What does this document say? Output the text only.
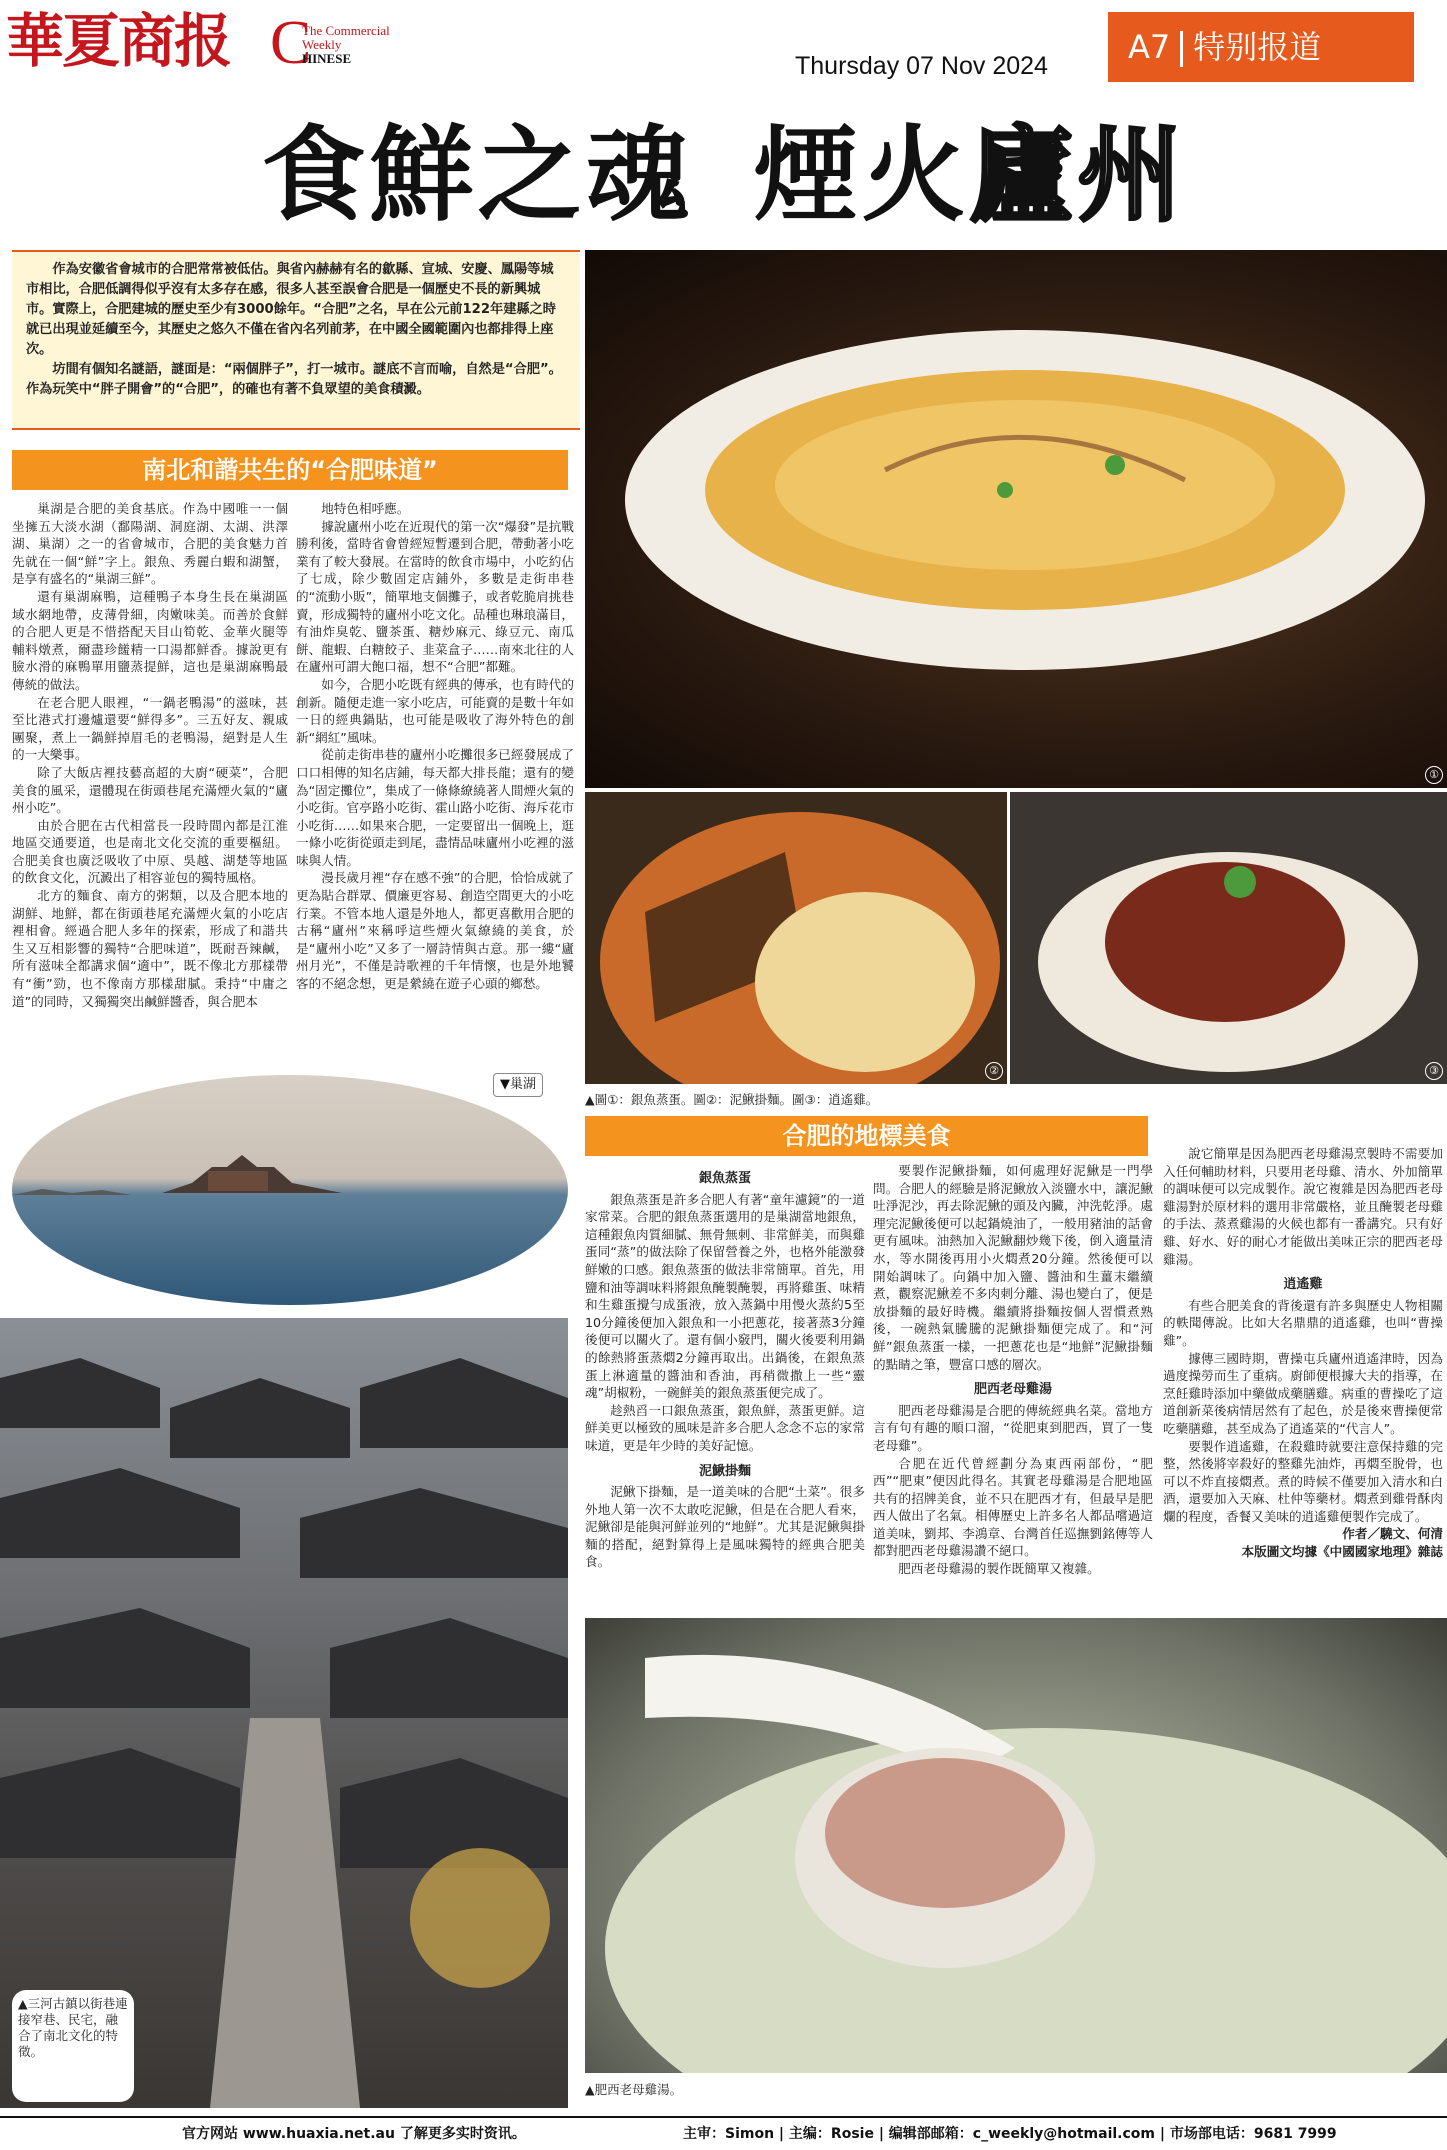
華夏商报 C
The Commercial
Weekly
HINESE	Thursday 07 Nov 2024	A7 特别报道
食鮮之魂 煙火廬州

作為安徽省會城市的合肥常常被低估。與省內赫赫有名的歙縣、宣城、安慶、鳳陽等城市相比，合肥低調得似乎沒有太多存在感，很多人甚至誤會合肥是一個歷史不長的新興城市。實際上，合肥建城的歷史至少有3000餘年。“合肥”之名，早在公元前122年建縣之時就已出現並延續至今，其歷史之悠久不僅在省內名列前茅，在中國全國範圍內也都排得上座次。

坊間有個知名謎語，謎面是：“兩個胖子”，打一城市。謎底不言而喻，自然是“合肥”。作為玩笑中“胖子開會”的“合肥”，的確也有著不負眾望的美食積澱。

南北和諧共生的“合肥味道”

巢湖是合肥的美食基底。作為中國唯一一個坐擁五大淡水湖（鄱陽湖、洞庭湖、太湖、洪澤湖、巢湖）之一的省會城市，合肥的美食魅力首先就在一個“鮮”字上。銀魚、秀麗白蝦和湖蟹，是享有盛名的“巢湖三鮮”。

還有巢湖麻鴨，這種鴨子本身生長在巢湖區域水網地帶，皮薄骨細，肉嫩味美。而善於食鮮的合肥人更是不惜搭配天目山筍乾、金華火腿等輔料燉煮，爾盡珍饈精一口湯都鮮香。據說更有臉水滑的麻鴨單用鹽蒸提鮮，這也是巢湖麻鴨最傳統的做法。

在老合肥人眼裡，“一鍋老鴨湯”的滋味，甚至比港式打邊爐還要“鮮得多”。三五好友、親戚團聚，煮上一鍋鮮掉眉毛的老鴨湯，絕對是人生的一大樂事。

除了大飯店裡技藝高超的大廚“硬菜”，合肥美食的風采，還體現在街頭巷尾充滿煙火氣的“廬州小吃”。

由於合肥在古代相當長一段時間內都是江淮地區交通要道，也是南北文化交流的重要樞紐。合肥美食也廣泛吸收了中原、吳越、湖楚等地區的飲食文化，沉澱出了相容並包的獨特風格。

北方的麵食、南方的粥類，以及合肥本地的湖鮮、地鮮，都在街頭巷尾充滿煙火氣的小吃店裡相會。經過合肥人多年的探索，形成了和諧共生又互相影響的獨特“合肥味道”，既耐吾辣鹹，所有滋味全都講求個“適中”，既不像北方那樣帶有“衝”勁，也不像南方那樣甜膩。秉持“中庸之道”的同時，又獨獨突出鹹鮮醬香，與合肥本

地特色相呼應。

據說廬州小吃在近現代的第一次“爆發”是抗戰勝利後，當時省會曾經短暫遷到合肥，帶動著小吃業有了較大發展。在當時的飲食市場中，小吃約佔了七成，除少數固定店鋪外，多數是走街串巷的“流動小販”，簡單地支個攤子，或者乾脆肩挑巷賣，形成獨特的廬州小吃文化。品種也琳琅滿目，有油炸臭乾、鹽茶蛋、糖炒麻元、綠豆元、南瓜餅、龍蝦、白糖餃子、韭菜盒子……南來北往的人在廬州可謂大飽口福，想不“合肥”都難。

如今，合肥小吃既有經典的傳承，也有時代的創新。隨便走進一家小吃店，可能賣的是數十年如一日的經典鍋貼，也可能是吸收了海外特色的創新“網紅”風味。

從前走街串巷的廬州小吃攤很多已經發展成了口口相傳的知名店鋪，每天都大排長龍；還有的變為“固定攤位”，集成了一條條繚繞著人間煙火氣的小吃街。官亭路小吃街、霍山路小吃街、海斥花市小吃街……如果來合肥，一定要留出一個晚上，逛一條小吃街從頭走到尾，盡情品味廬州小吃裡的滋味與人情。

漫長歲月裡“存在感不強”的合肥，恰恰成就了更為貼合群眾、價廉更容易、創造空間更大的小吃行業。不管本地人還是外地人，都更喜歡用合肥的古稱“廬州”來稱呼這些煙火氣繚繞的美食，於是“廬州小吃”又多了一層詩情與古意。那一縷“廬州月光”，不僅是詩歌裡的千年情懷，也是外地饕客的不絕念想，更是縈繞在遊子心頭的鄉愁。

▼巢湖
▲三河古鎮以街巷連接窄巷、民宅，融合了南北文化的特徵。
①
②	③
▲圖①：銀魚蒸蛋。圖②：泥鰍掛麵。圖③：逍遙雞。
合肥的地標美食
銀魚蒸蛋

銀魚蒸蛋是許多合肥人有著“童年濾鏡”的一道家常菜。合肥的銀魚蒸蛋選用的是巢湖當地銀魚，這種銀魚肉質細膩、無骨無刺、非常鮮美，而與雞蛋同“蒸”的做法除了保留營養之外，也格外能激發鮮嫩的口感。銀魚蒸蛋的做法非常簡單。首先，用鹽和油等調味料將銀魚醃製醃製，再將雞蛋、味精和生雞蛋攪勻成蛋液，放入蒸鍋中用慢火蒸約5至10分鐘後便加入銀魚和一小把蔥花，接著蒸3分鐘後便可以關火了。還有個小竅門，關火後要利用鍋的餘熱將蛋蒸燜2分鐘再取出。出鍋後，在銀魚蒸蛋上淋適量的醬油和香油，再稍微撒上一些“靈魂”胡椒粉，一碗鮮美的銀魚蒸蛋便完成了。

趁熱舀一口銀魚蒸蛋，銀魚鮮，蒸蛋更鮮。這鮮美更以極致的風味是許多合肥人念念不忘的家常味道，更是年少時的美好記憶。

泥鰍掛麵

泥鰍下掛麵，是一道美味的合肥“土菜”。很多外地人第一次不太敢吃泥鰍，但是在合肥人看來，泥鰍卻是能與河鮮並列的“地鮮”。尤其是泥鰍與掛麵的搭配，絕對算得上是風味獨特的經典合肥美食。

要製作泥鰍掛麵，如何處理好泥鰍是一門學問。合肥人的經驗是將泥鰍放入淡鹽水中，讓泥鰍吐淨泥沙，再去除泥鰍的頭及內臟，沖洗乾淨。處理完泥鰍後便可以起鍋燒油了，一般用豬油的話會更有風味。油熱加入泥鰍翻炒幾下後，倒入適量清水，等水開後再用小火燜煮20分鐘。然後便可以開始調味了。向鍋中加入鹽、醬油和生薑末繼續煮，觀察泥鰍差不多肉刺分離、湯也變白了，便是放掛麵的最好時機。繼續將掛麵按個人習慣煮熟後，一碗熱氣騰騰的泥鰍掛麵便完成了。和“河鮮”銀魚蒸蛋一樣，一把蔥花也是“地鮮”泥鰍掛麵的點睛之筆，豐富口感的層次。

肥西老母雞湯

肥西老母雞湯是合肥的傳統經典名菜。當地方言有句有趣的順口溜，“從肥東到肥西，買了一隻老母雞”。

合肥在近代曾經劃分為東西兩部份，“肥西”“肥東”便因此得名。其實老母雞湯是合肥地區共有的招牌美食，並不只在肥西才有，但最早是肥西人做出了名氣。相傳歷史上許多名人都品嚐過這道美味，劉邦、李鴻章、台灣首任巡撫劉銘傳等人都對肥西老母雞湯讚不絕口。

肥西老母雞湯的製作既簡單又複雜。

說它簡單是因為肥西老母雞湯烹製時不需要加入任何輔助材料，只要用老母雞、清水、外加簡單的調味便可以完成製作。說它複雜是因為肥西老母雞湯對於原材料的選用非常嚴格，並且醃製老母雞的手法、蒸煮雞湯的火候也都有一番講究。只有好雞、好水、好的耐心才能做出美味正宗的肥西老母雞湯。

逍遙雞

有些合肥美食的背後還有許多與歷史人物相關的軼聞傳說。比如大名鼎鼎的逍遙雞，也叫“曹操雞”。

據傳三國時期，曹操屯兵廬州逍遙津時，因為過度操勞而生了重病。廚師便根據大夫的指導，在烹飪雞時添加中藥做成藥膳雞。病重的曹操吃了這道創新菜後病情居然有了起色，於是後來曹操便常吃藥膳雞，甚至成為了逍遙菜的“代言人”。

要製作逍遙雞，在殺雞時就要注意保持雞的完整，然後將宰殺好的整雞先油炸，再燜至脫骨，也可以不炸直接燜煮。煮的時候不僅要加入清水和白酒，還要加入天麻、杜仲等藥材。燜煮到雞骨酥肉爛的程度，香餐又美味的逍遙雞便製作完成了。

作者／驍文、何清

本版圖文均據《中國國家地理》雜誌

▲肥西老母雞湯。
官方网站 www.huaxia.net.au 了解更多实时资讯。	主审：Simon | 主编：Rosie | 编辑部邮箱：c_weekly@hotmail.com | 市场部电话：9681 7999
